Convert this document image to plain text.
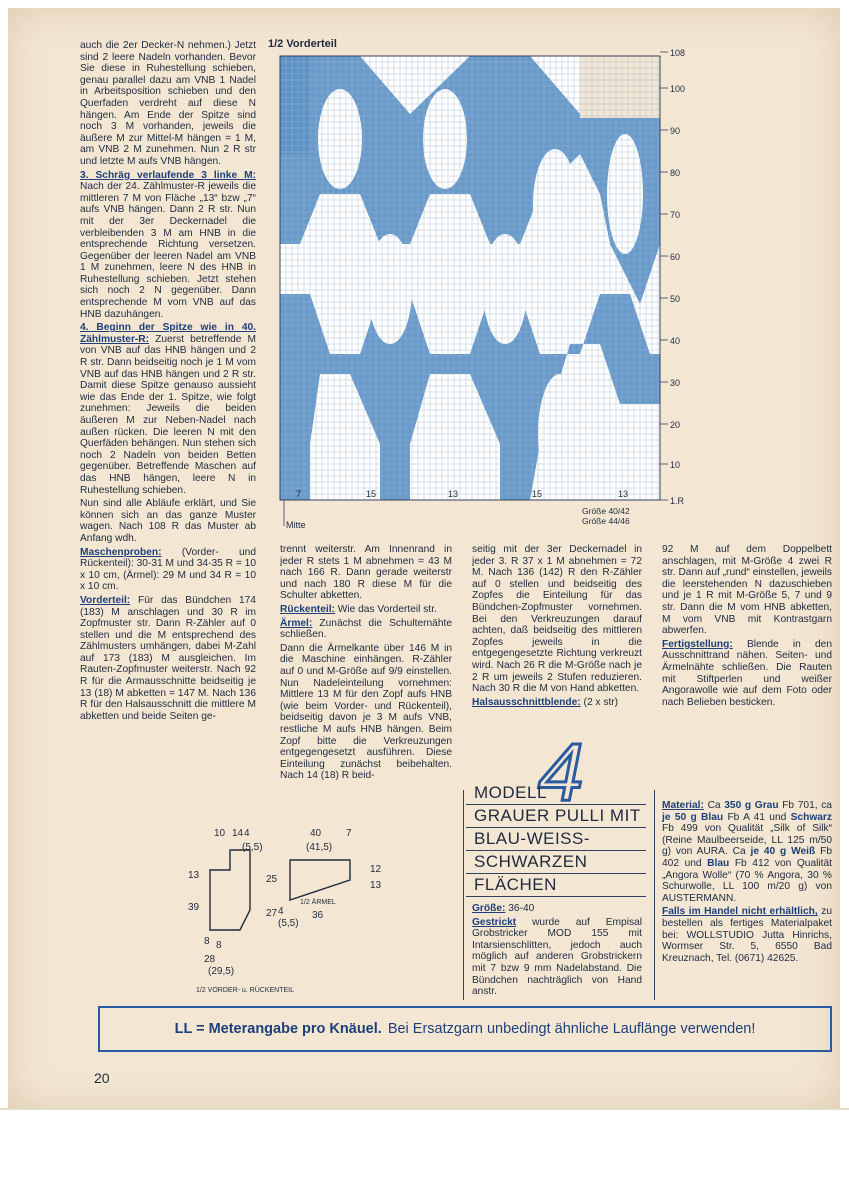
auch die 2er Decker-N nehmen.) Jetzt sind 2 leere Nadeln vorhanden. Bevor Sie diese in Ruhestellung schieben, genau parallel dazu am VNB 1 Nadel in Arbeitsposition schieben und den Querfaden verdreht auf diese N hängen. Am Ende der Spitze sind noch 3 M vorhanden, jeweils die äußere M zur Mittel-M hängen = 1 M, am VNB 2 M zunehmen. Nun 2 R str und letzte M aufs VNB hängen.

3. Schräg verlaufende 3 linke M: Nach der 24. Zählmuster-R jeweils die mittleren 7 M von Fläche „13“ bzw „7“ aufs VNB hängen. Dann 2 R str. Nun mit der 3er Deckernadel die verbleibenden 3 M am HNB in die entsprechende Richtung versetzen. Gegenüber der leeren Nadel am VNB 1 M zunehmen, leere N des HNB in Ruhestellung schieben. Jetzt stehen sich noch 2 N gegenüber. Dann entsprechende M vom VNB auf das HNB dazuhängen.

4. Beginn der Spitze wie in 40. Zählmuster-R: Zuerst betreffende M von VNB auf das HNB hängen und 2 R str. Dann beidseitig noch je 1 M vom VNB auf das HNB hängen und 2 R str. Damit diese Spitze genauso aussieht wie das Ende der 1. Spitze, wie folgt zunehmen: Jeweils die beiden äußeren M zur Neben-Nadel nach außen rücken. Die leeren N mit den Querfäden behängen. Nun stehen sich noch 2 Nadeln von beiden Betten gegenüber. Betreffende Maschen auf das HNB hängen, leere N in Ruhestellung schieben.

Nun sind alle Abläufe erklärt, und Sie können sich an das ganze Muster wagen. Nach 108 R das Muster ab Anfang wdh.

Maschenproben: (Vorder- und Rückenteil): 30-31 M und 34-35 R = 10 x 10 cm, (Ärmel): 29 M und 34 R = 10 x 10 cm.

Vorderteil: Für das Bündchen 174 (183) M anschlagen und 30 R im Zopfmuster str. Dann R-Zähler auf 0 stellen und die M entsprechend des Zählmusters umhängen, dabei M-Zahl auf 173 (183) M ausgleichen. Im Rauten-Zopfmuster weiterstr. Nach 92 R für die Armausschnitte beidseitig je 13 (18) M abketten = 147 M. Nach 136 R für den Halsausschnitt die mittlere M abketten und beide Seiten ge-

1/2 Vorderteil
108
100
90
80
70
60
50
40
30
20
10
1.R
7	15	13	15	13
Mitte
Größe 40/42
Größe 44/46

trennt weiterstr. Am Innenrand in jeder R stets 1 M abnehmen = 43 M nach 166 R. Dann gerade weiterstr und nach 180 R diese M für die Schulter abketten.

Rückenteil: Wie das Vorderteil str.

Ärmel: Zunächst die Schulternähte schließen.

Dann die Ärmelkante über 146 M in die Maschine einhängen. R-Zähler auf 0 und M-Größe auf 9/9 einstellen. Nun Nadeleinteilung vornehmen: Mittlere 13 M für den Zopf aufs HNB (wie beim Vorder- und Rückenteil), beidseitig davon je 3 M aufs VNB, restliche M aufs HNB hängen. Beim Zopf bitte die Verkreuzungen entgegengesetzt ausführen. Diese Einteilung zunächst beibehalten. Nach 14 (18) R beid-

seitig mit der 3er Deckernadel in jeder 3. R 37 x 1 M abnehmen = 72 M. Nach 136 (142) R den R-Zähler auf 0 stellen und beidseitig des Zopfes die Einteilung für das Bündchen-Zopfmuster vornehmen. Bei den Verkreuzungen darauf achten, daß beidseitig des mittleren Zopfes jeweils in die entgegengesetzte Richtung verkreuzt wird. Nach 26 R die M-Größe nach je 2 R um jeweils 2 Stufen reduzieren. Nach 30 R die M von Hand abketten.

Halsausschnittblende: (2 x str)

92 M auf dem Doppelbett anschlagen, mit M-Größe 4 zwei R str. Dann auf „rund“ einstellen, jeweils die leerstehenden N dazuschieben und je 1 R mit M-Größe 5, 7 und 9 str. Dann die M vom HNB abketten, M vom VNB mit Kontrastgarn abwerfen.

Fertigstellung: Blende in den Ausschnittrand nähen. Seiten- und Ärmelnähte schließen. Die Rauten mit Stiftperlen und weißer Angorawolle wie auf dem Foto oder nach Belieben besticken.

4
MODELL
GRAUER PULLI MIT
BLAU-WEISS-
SCHWARZEN
FLÄCHEN

Größe: 36-40

Gestrickt wurde auf Empisal Grobstricker MOD 155 mit Intarsienschlitten, jedoch auch möglich auf anderen Grobstrickern mit 7 bzw 9 mm Nadelabstand. Die Bündchen nachträglich von Hand anstr.

Material: Ca 350 g Grau Fb 701, ca je 50 g Blau Fb A 41 und Schwarz Fb 499 von Qualität „Silk of Silk“ (Reine Maulbeerseide, LL 125 m/50 g) von AURA. Ca je 40 g Weiß Fb 402 und Blau Fb 412 von Qualität „Angora Wolle“ (70 % Angora, 30 % Schurwolle, LL 100 m/20 g) von AUSTERMANN.

Falls im Handel nicht erhältlich, zu bestellen als fertiges Materialpaket bei: WOLLSTUDIO Jutta Hinrichs, Wormser Str. 5, 6550 Bad Kreuznach, Tel. (0671) 42625.

10 14 4
(5,5)
13
39
25
27
8
28
(29,5)
4
(5,5)
8
40
(41,5)
7
12
13
36
1/2 VORDER- u. RÜCKENTEIL
1/2 ÄRMEL
LL = Meterangabe pro Knäuel. Bei Ersatzgarn unbedingt ähnliche Lauflänge verwenden!
20
